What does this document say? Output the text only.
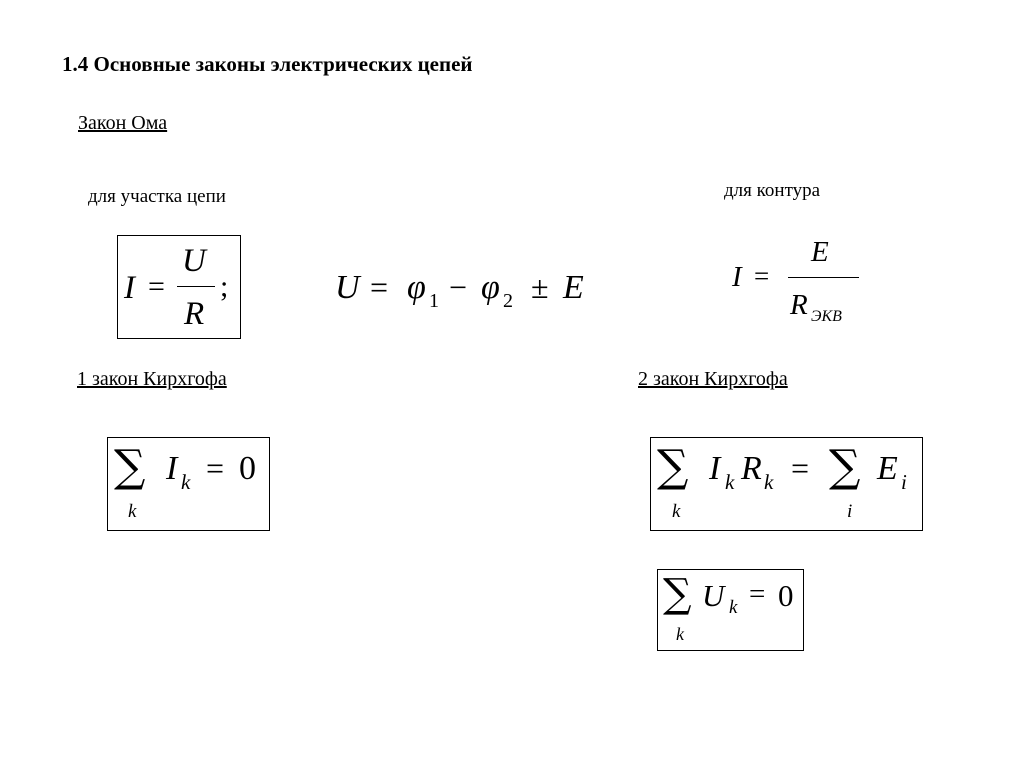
1.4 Основные законы электрических цепей
Закон Ома
для участка цепи	для контура
I =
U
R
;	U = φ 1 − φ 2 ± E	I =
E
R ЭКВ
1 закон Кирхгофа	2 закон Кирхгофа
∑
k
I k = 0	∑
k
I k R k = ∑
i
E i
∑
k
U k = 0
